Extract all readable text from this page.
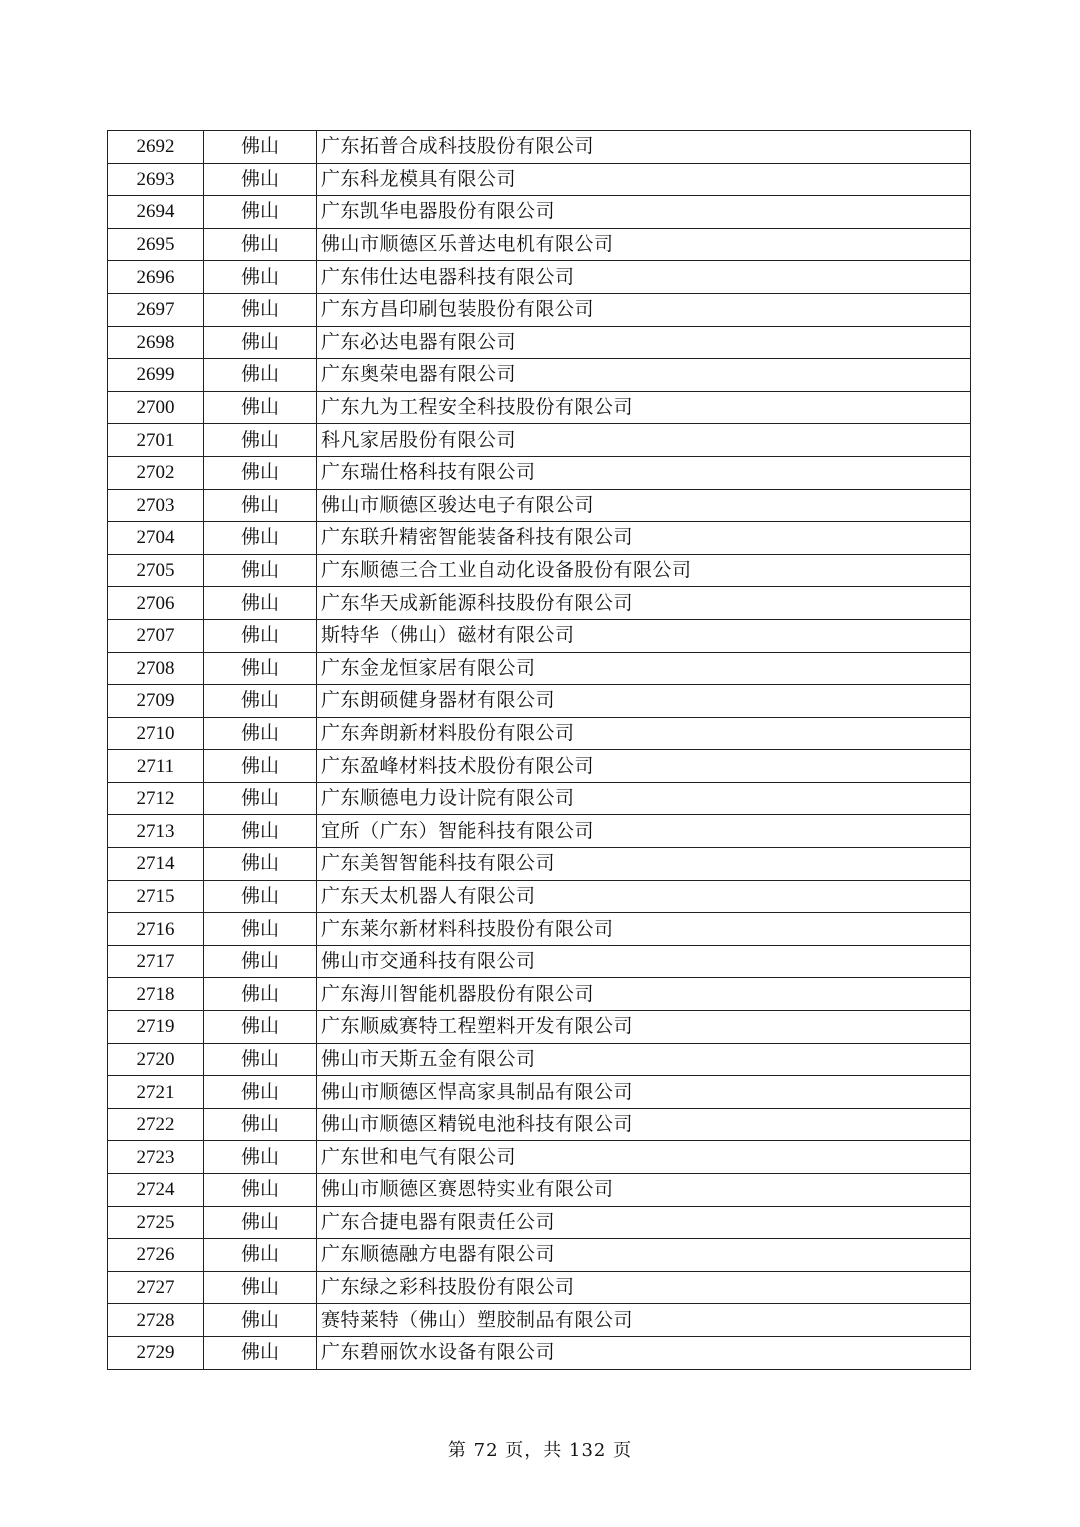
2692	佛山	广东拓普合成科技股份有限公司
2693	佛山	广东科龙模具有限公司
2694	佛山	广东凯华电器股份有限公司
2695	佛山	佛山市顺德区乐普达电机有限公司
2696	佛山	广东伟仕达电器科技有限公司
2697	佛山	广东方昌印刷包装股份有限公司
2698	佛山	广东必达电器有限公司
2699	佛山	广东奥荣电器有限公司
2700	佛山	广东九为工程安全科技股份有限公司
2701	佛山	科凡家居股份有限公司
2702	佛山	广东瑞仕格科技有限公司
2703	佛山	佛山市顺德区骏达电子有限公司
2704	佛山	广东联升精密智能装备科技有限公司
2705	佛山	广东顺德三合工业自动化设备股份有限公司
2706	佛山	广东华天成新能源科技股份有限公司
2707	佛山	斯特华（佛山）磁材有限公司
2708	佛山	广东金龙恒家居有限公司
2709	佛山	广东朗硕健身器材有限公司
2710	佛山	广东奔朗新材料股份有限公司
2711	佛山	广东盈峰材料技术股份有限公司
2712	佛山	广东顺德电力设计院有限公司
2713	佛山	宜所（广东）智能科技有限公司
2714	佛山	广东美智智能科技有限公司
2715	佛山	广东天太机器人有限公司
2716	佛山	广东莱尔新材料科技股份有限公司
2717	佛山	佛山市交通科技有限公司
2718	佛山	广东海川智能机器股份有限公司
2719	佛山	广东顺威赛特工程塑料开发有限公司
2720	佛山	佛山市天斯五金有限公司
2721	佛山	佛山市顺德区悍高家具制品有限公司
2722	佛山	佛山市顺德区精锐电池科技有限公司
2723	佛山	广东世和电气有限公司
2724	佛山	佛山市顺德区赛恩特实业有限公司
2725	佛山	广东合捷电器有限责任公司
2726	佛山	广东顺德融方电器有限公司
2727	佛山	广东绿之彩科技股份有限公司
2728	佛山	赛特莱特（佛山）塑胶制品有限公司
2729	佛山	广东碧丽饮水设备有限公司
第 72 页，共 132 页
